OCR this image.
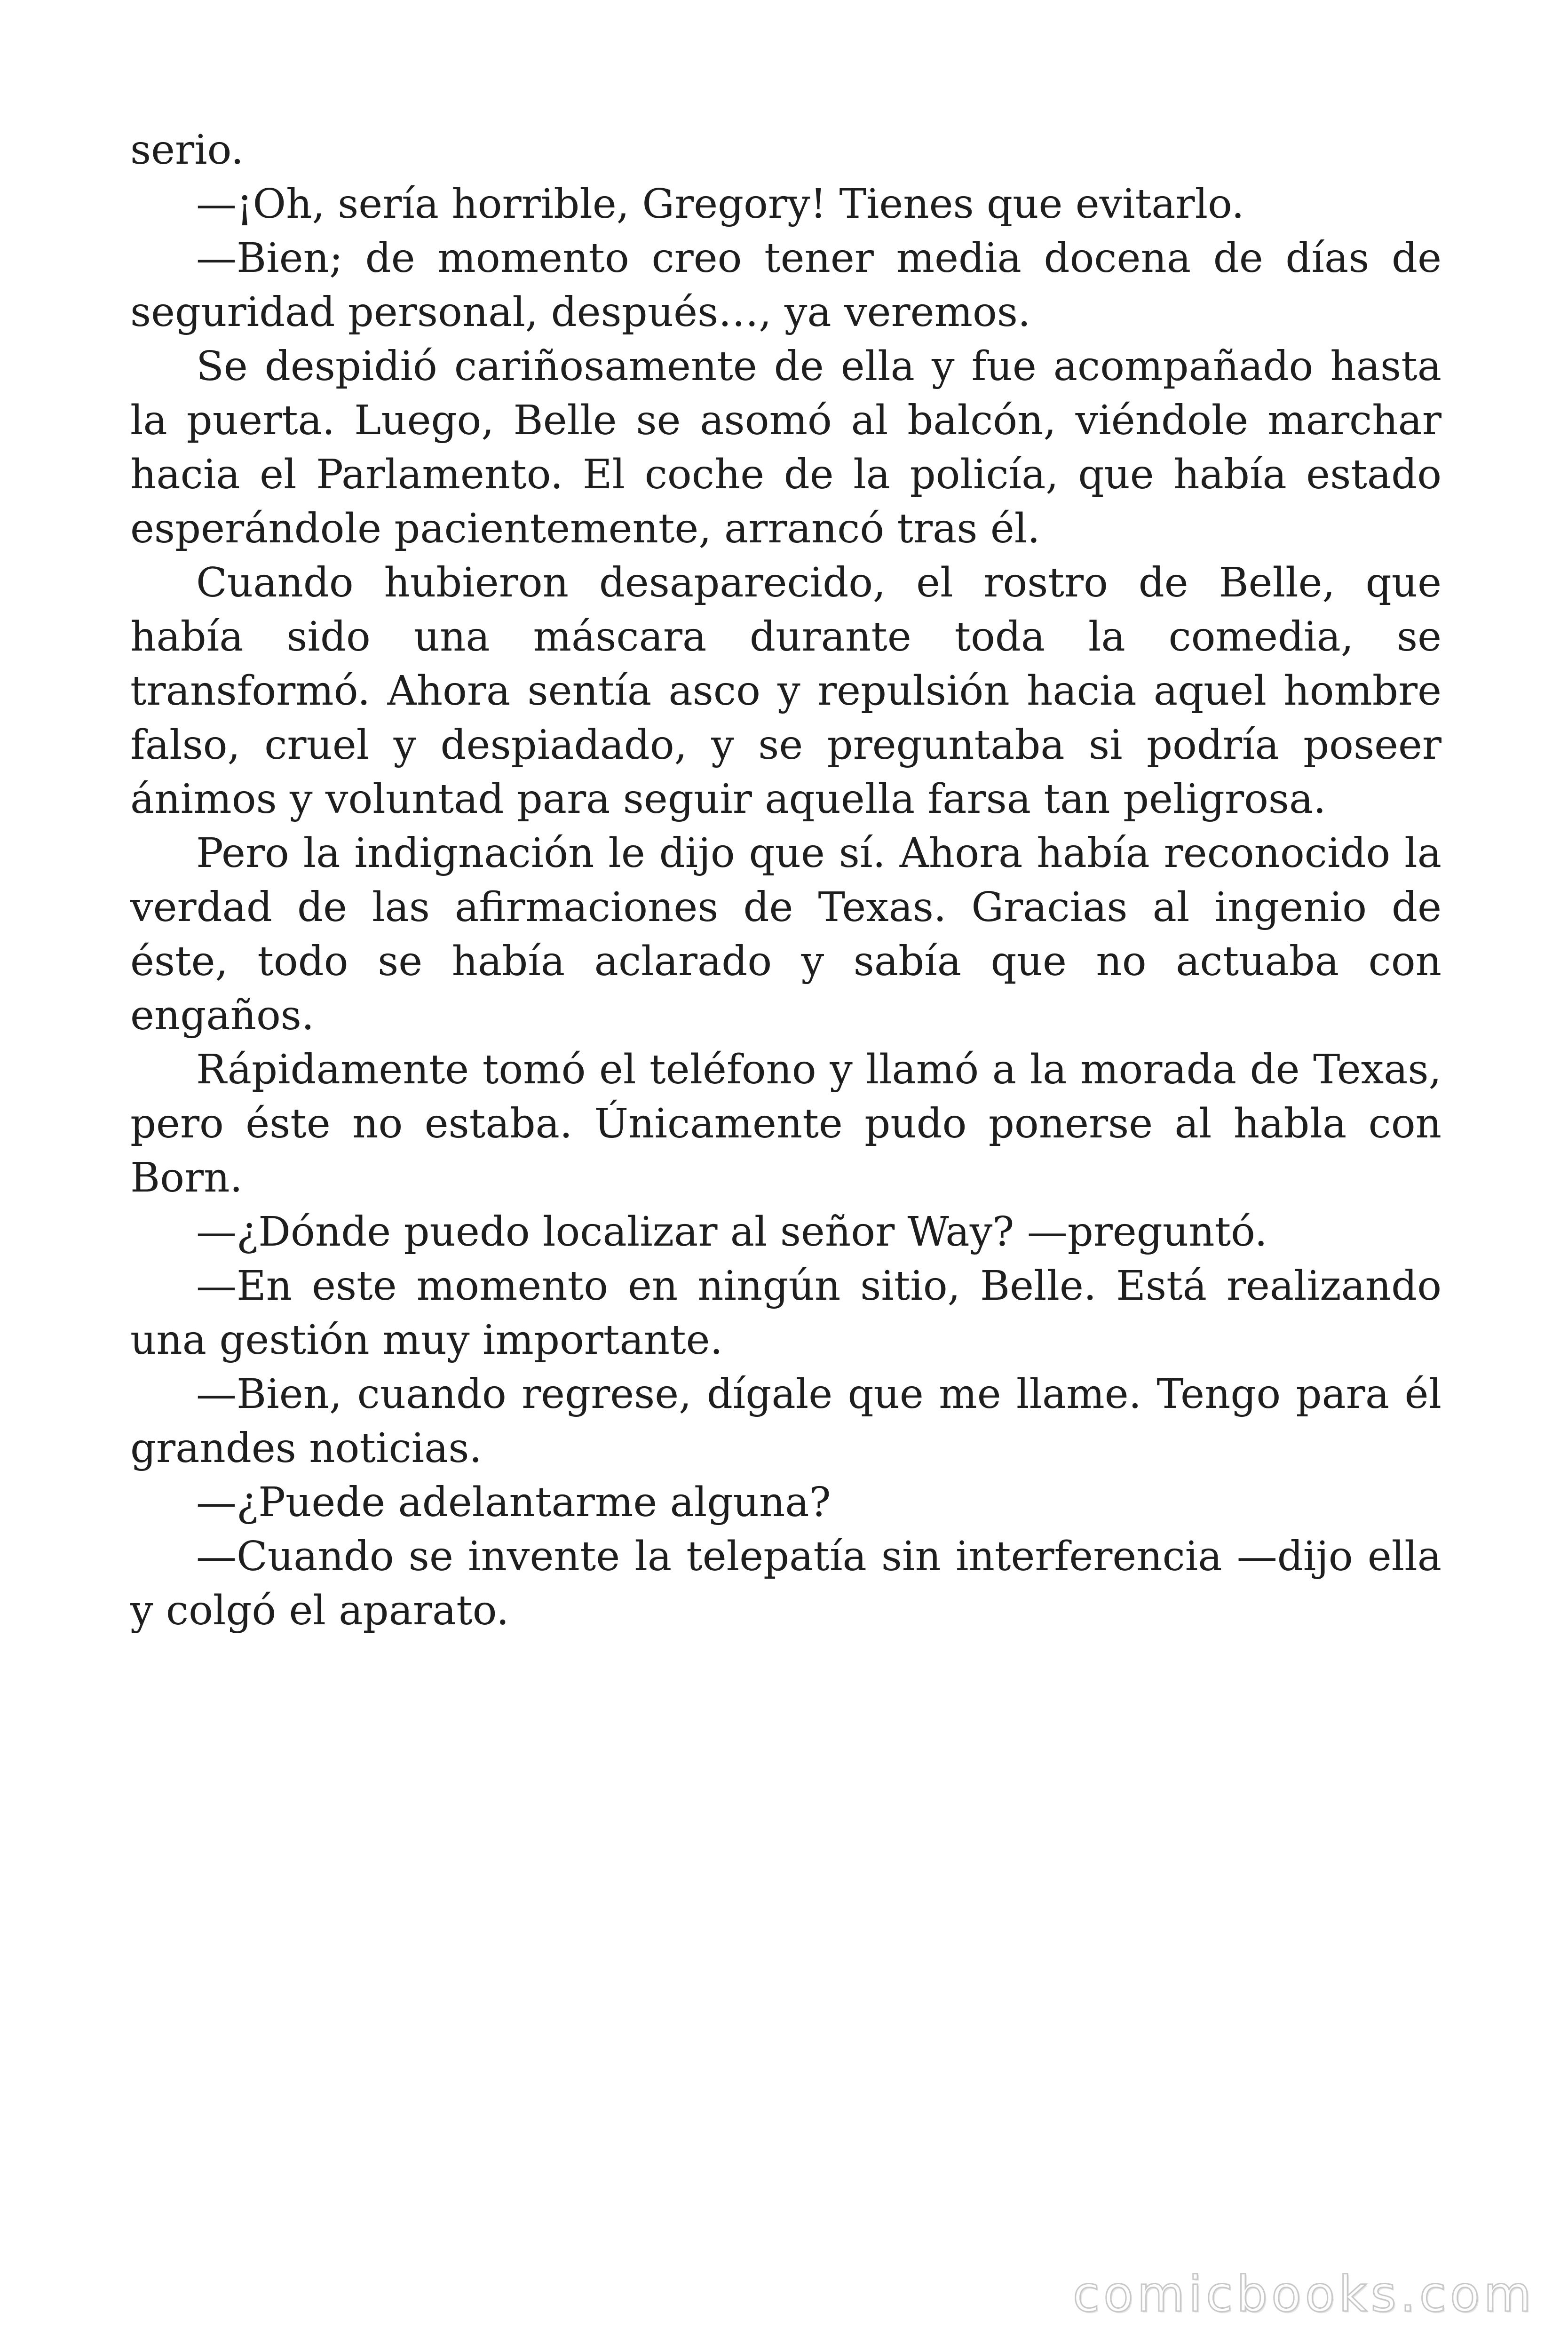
serio.

—¡Oh, sería horrible, Gregory! Tienes que evitarlo.

—Bien; de momento creo tener media docena de días de seguridad personal, después…, ya veremos.

Se despidió cariñosamente de ella y fue acompañado hasta la puerta. Luego, Belle se asomó al balcón, viéndole marchar hacia el Parlamento. El coche de la policía, que había estado esperándole pacientemente, arrancó tras él.

Cuando hubieron desaparecido, el rostro de Belle, que había sido una máscara durante toda la comedia, se transformó. Ahora sentía asco y repulsión hacia aquel hombre falso, cruel y despiadado, y se preguntaba si podría poseer ánimos y voluntad para seguir aquella farsa tan peligrosa.

Pero la indignación le dijo que sí. Ahora había reconocido la verdad de las afirmaciones de Texas. Gracias al ingenio de éste, todo se había aclarado y sabía que no actuaba con engaños.

Rápidamente tomó el teléfono y llamó a la morada de Texas, pero éste no estaba. Únicamente pudo ponerse al habla con Born.

—¿Dónde puedo localizar al señor Way? —preguntó.

—En este momento en ningún sitio, Belle. Está realizando una gestión muy importante.

—Bien, cuando regrese, dígale que me llame. Tengo para él grandes noticias.

—¿Puede adelantarme alguna?

—Cuando se invente la telepatía sin interferencia —dijo ella y colgó el aparato.

comicbooks.com
